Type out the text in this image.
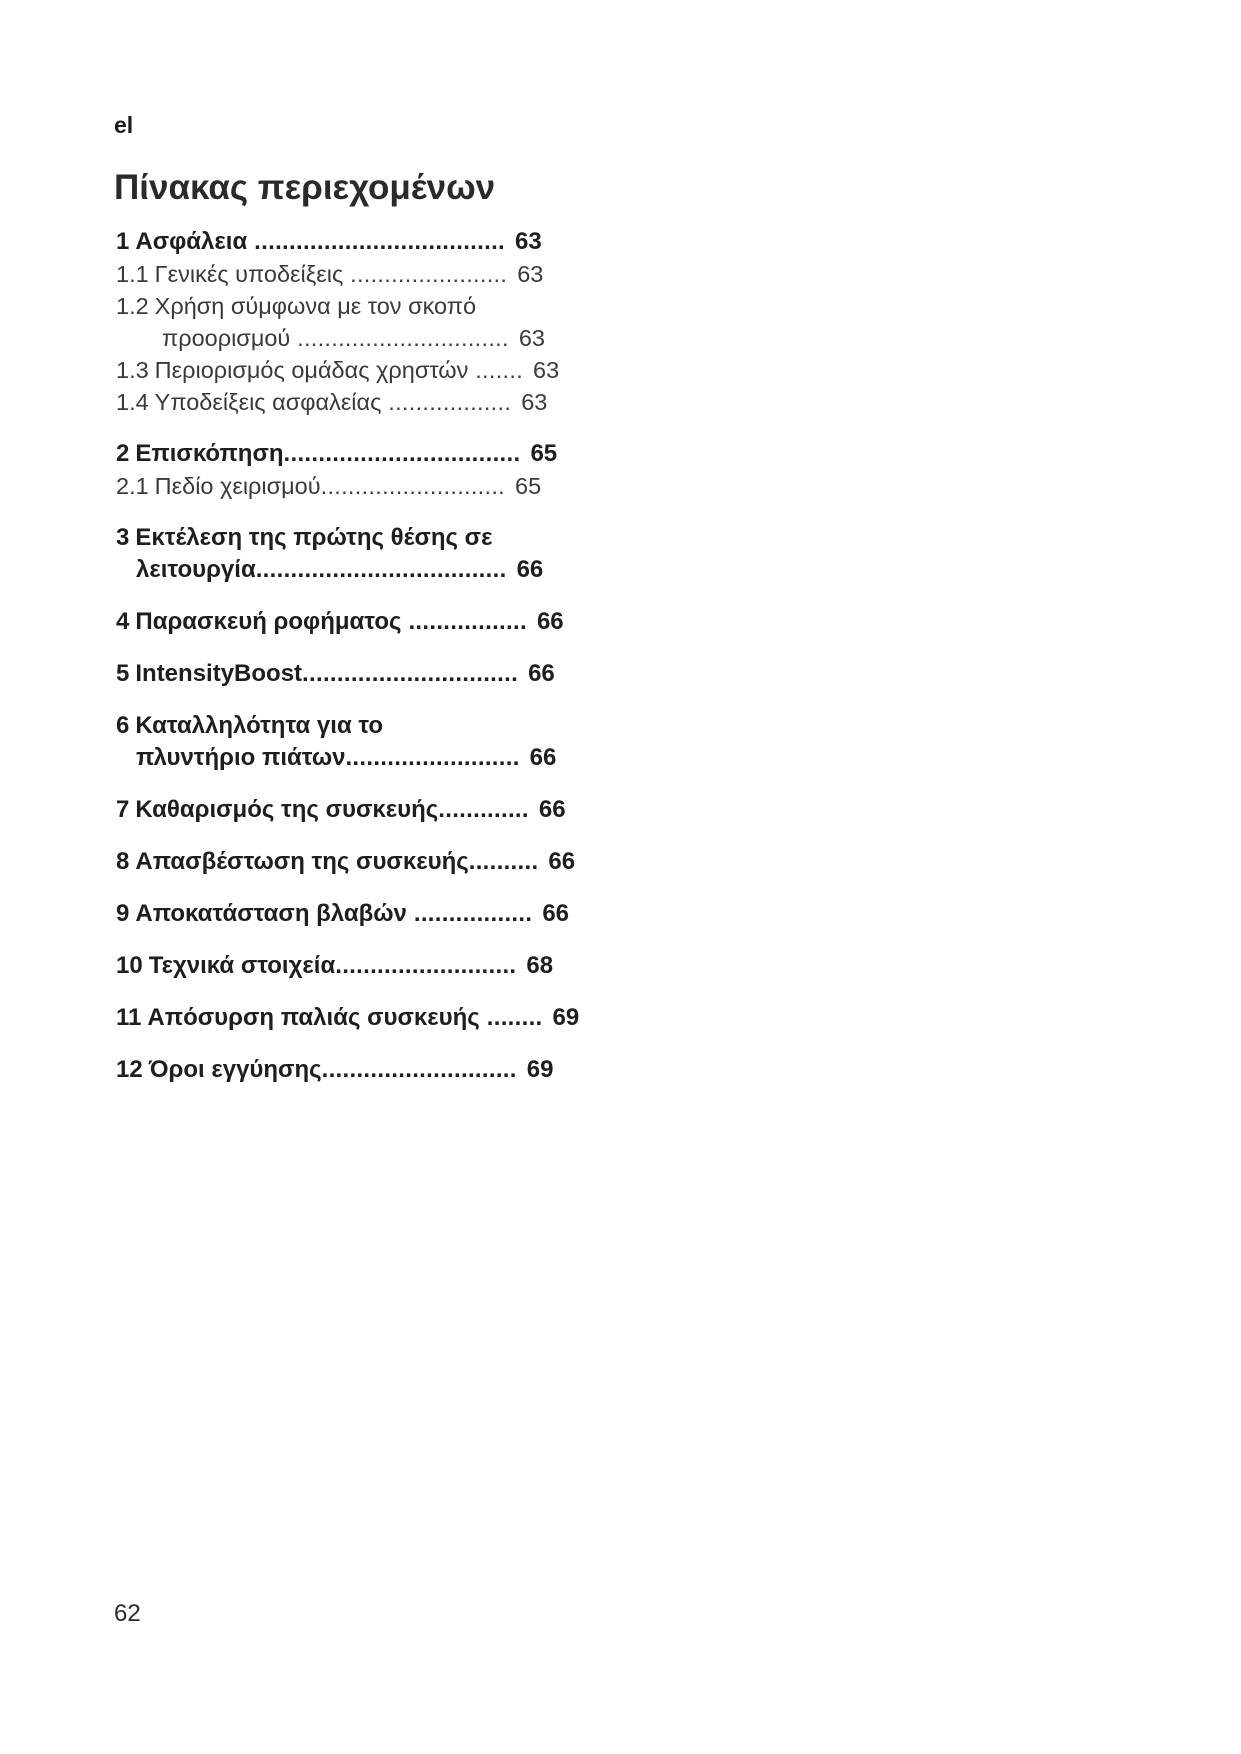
el
Πίνακας περιεχομένων
1 Ασφάλεια .................................... 63
1.1 Γενικές υποδείξεις ....................... 63
1.2 Χρήση σύμφωνα με τον σκοπό
προορισμού ............................... 63
1.3 Περιορισμός ομάδας χρηστών ....... 63
1.4 Υποδείξεις ασφαλείας .................. 63
2 Επισκόπηση.................................. 65
2.1 Πεδίο χειρισμού........................... 65
3 Εκτέλεση της πρώτης θέσης σε
λειτουργία.................................... 66
4 Παρασκευή ροφήματος ................. 66
5 IntensityBoost............................... 66
6 Καταλληλότητα για το
πλυντήριο πιάτων......................... 66
7 Καθαρισμός της συσκευής............. 66
8 Απασβέστωση της συσκευής.......... 66
9 Αποκατάσταση βλαβών ................. 66
10 Τεχνικά στοιχεία.......................... 68
11 Απόσυρση παλιάς συσκευής ........ 69
12 Όροι εγγύησης............................ 69
62
